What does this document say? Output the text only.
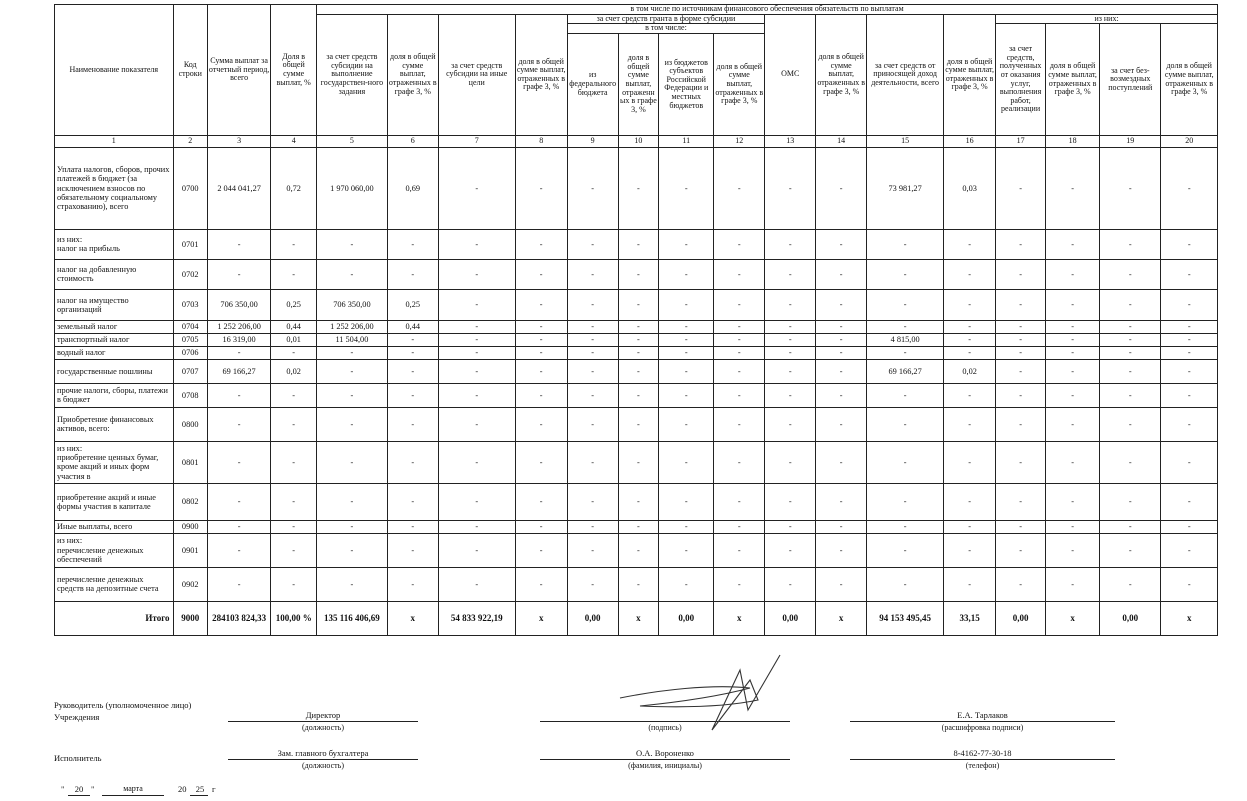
Наименование показателя	Код строки	Сумма выплат за отчетный период, всего	Доля в общей сумме выплат, %	в том числе по источникам финансового обеспечения обязательств по выплатам															
				за счет средств субсидии на выполнение государствен-ного задания	доля в общей сумме выплат, отраженных в графе 3, %	за счет средств субсидии на иные цели	доля в общей сумме выплат, отраженных в графе 3, %	за счет средств гранта в форме субсидии				ОМС	доля в общей сумме выплат, отраженных в графе 3, %	за счет средств от приносящей доход деятельности, всего	доля в общей сумме выплат, отраженных в графе 3, %	из них:			
								в том числе:								за счет средств, полученных от оказания услуг, выполнения работ, реализации	доля в общей сумме выплат, отраженных в графе 3, %	за счет без-возмездных поступлений	доля в общей сумме выплат, отраженных в графе 3, %
								из федерального бюджета	доля в общей сумме выплат, отраженных в графе 3, %	из бюджетов субъектов Российской Федерации и местных бюджетов	доля в общей сумме выплат, отраженных в графе 3, %								
1	2	3	4	5	6	7	8	9	10	11	12	13	14	15	16	17	18	19	20
Уплата налогов, сборов, прочих платежей в бюджет (за исключением взносов по обязательному социальному страхованию), всего	0700	2 044 041,27	0,72	1 970 060,00	0,69	-	-	-	-	-	-	-	-	73 981,27	0,03	-	-	-	-
из них:
налог на прибыль	0701	-	-	-	-	-	-	-	-	-	-	-	-	-	-	-	-	-	-
налог на добавленную стоимость	0702	-	-	-	-	-	-	-	-	-	-	-	-	-	-	-	-	-	-
налог на имущество организаций	0703	706 350,00	0,25	706 350,00	0,25	-	-	-	-	-	-	-	-	-	-	-	-	-	-
земельный налог	0704	1 252 206,00	0,44	1 252 206,00	0,44	-	-	-	-	-	-	-	-	-	-	-	-	-	-
транспортный налог	0705	16 319,00	0,01	11 504,00	-	-	-	-	-	-	-	-	-	4 815,00	-	-	-	-	-
водный налог	0706	-	-	-	-	-	-	-	-	-	-	-	-	-	-	-	-	-	-
государственные пошлины	0707	69 166,27	0,02	-	-	-	-	-	-	-	-	-	-	69 166,27	0,02	-	-	-	-
прочие налоги, сборы, платежи в бюджет	0708	-	-	-	-	-	-	-	-	-	-	-	-	-	-	-	-	-	-
Приобретение финансовых активов, всего:	0800	-	-	-	-	-	-	-	-	-	-	-	-	-	-	-	-	-	-
из них:
приобретение ценных бумаг, кроме акций и иных форм участия в	0801	-	-	-	-	-	-	-	-	-	-	-	-	-	-	-	-	-	-
приобретение акций и иные формы участия в капитале	0802	-	-	-	-	-	-	-	-	-	-	-	-	-	-	-	-	-	-
Иные выплаты, всего	0900	-	-	-	-	-	-	-	-	-	-	-	-	-	-	-	-	-	-
из них:
перечисление денежных обеспечений	0901	-	-	-	-	-	-	-	-	-	-	-	-	-	-	-	-	-	-
перечисление денежных средств на депозитные счета	0902	-	-	-	-	-	-	-	-	-	-	-	-	-	-	-	-	-	-
Итого	9000	284103 824,33	100,00 %	135 116 406,69	x	54 833 922,19	x	0,00	x	0,00	x	0,00	x	94 153 495,45	33,15	0,00	x	0,00	x
Руководитель (уполномоченное лицо)
Учреждения	Директор
(должность)	(подпись)
Е.А. Тарлаков
(расшифровка подписи)
Исполнитель	Зам. главного бухгалтера
(должность)
О.А. Вороненко
(фамилия, инициалы)
8-4162-77-30-18
(телефон)
"	20 "	марта	20	25 г
